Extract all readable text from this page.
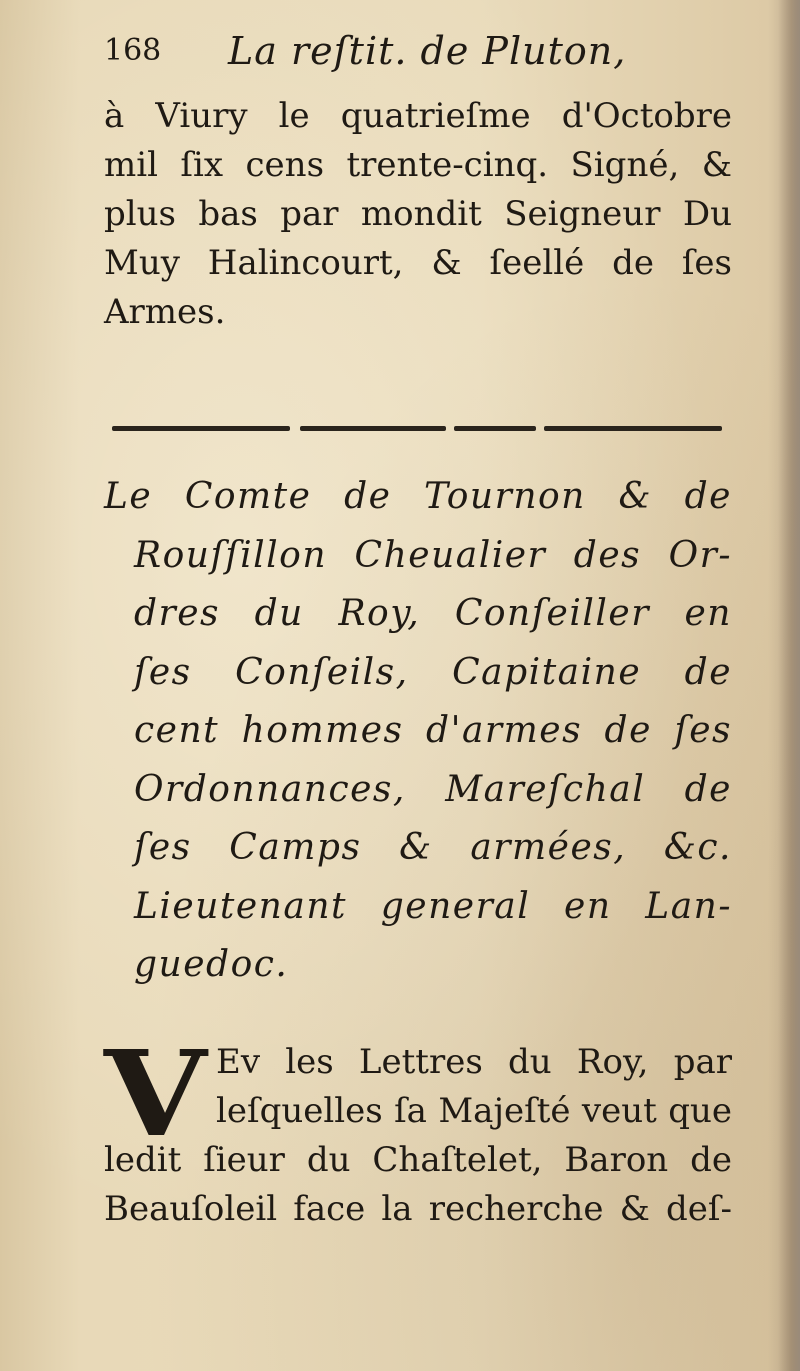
168 La reſtit. de Pluton,
à Viury le quatrieſme d'Octobre
mil ſix cens trente-cinq. Signé, &
plus bas par mondit Seigneur Du
Muy Halincourt, & ſeellé de ſes
Armes.
Le Comte de Tournon & de
Rouſſillon Cheualier des Or-
dres du Roy, Conſeiller en
ſes Conſeils, Capitaine de
cent hommes d'armes de ſes
Ordonnances, Mareſchal de
ſes Camps & armées, &c.
Lieutenant general en Lan-
guedoc.
V Ev les Lettres du Roy, par
leſquelles ſa Majeſté veut que
ledit ſieur du Chaſtelet, Baron de
Beauſoleil face la recherche & deſ-
